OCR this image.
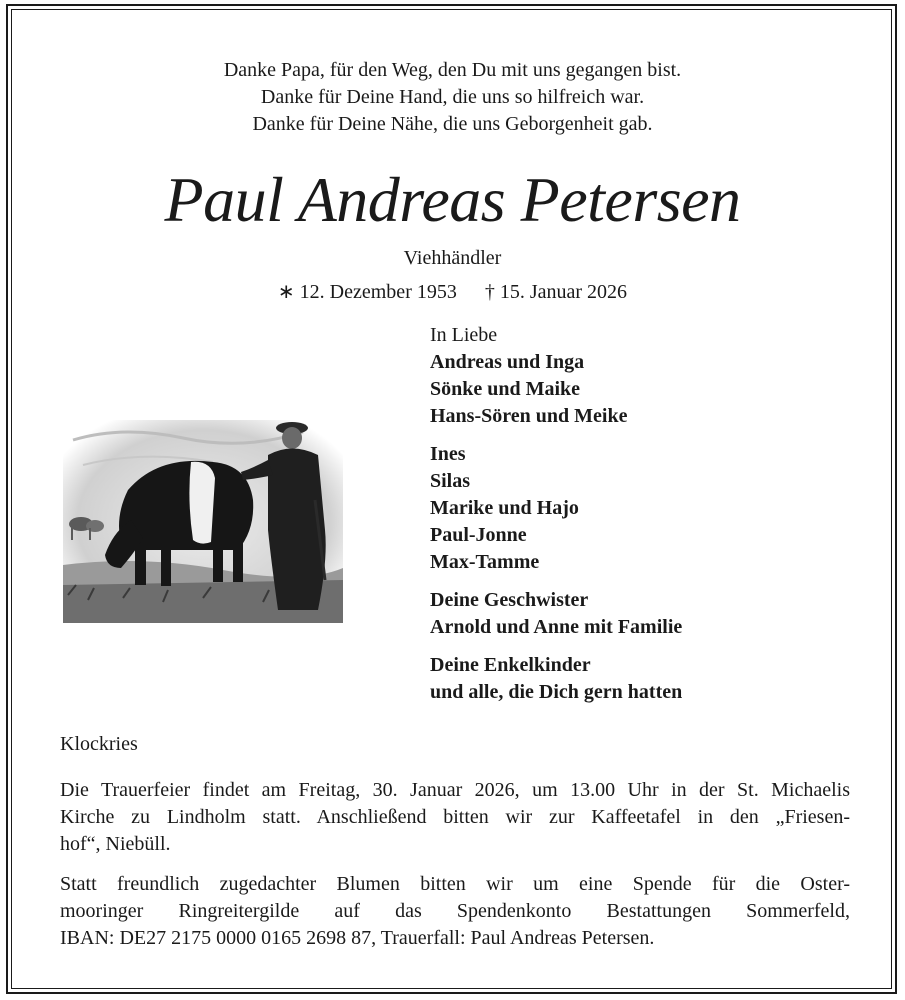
Danke Papa, für den Weg, den Du mit uns gegangen bist.
Danke für Deine Hand, die uns so hilfreich war.
Danke für Deine Nähe, die uns Geborgenheit gab.
Paul Andreas Petersen
Viehhändler
∗ 12. Dezember 1953 † 15. Januar 2026
In Liebe
Andreas und Inga
Sönke und Maike
Hans-Sören und Meike
Ines
Silas
Marike und Hajo
Paul-Jonne
Max-Tamme
Deine Geschwister
Arnold und Anne mit Familie
Deine Enkelkinder
und alle, die Dich gern hatten
Klockries
Die Trauerfeier findet am Freitag, 30. Januar 2026, um 13.00 Uhr in der St. Michaelis
Kirche zu Lindholm statt. Anschließend bitten wir zur Kaffeetafel in den „Friesen-
hof“, Niebüll.
Statt freundlich zugedachter Blumen bitten wir um eine Spende für die Oster-
mooringer Ringreitergilde auf das Spendenkonto Bestattungen Sommerfeld,
IBAN: DE27 2175 0000 0165 2698 87, Trauerfall: Paul Andreas Petersen.
